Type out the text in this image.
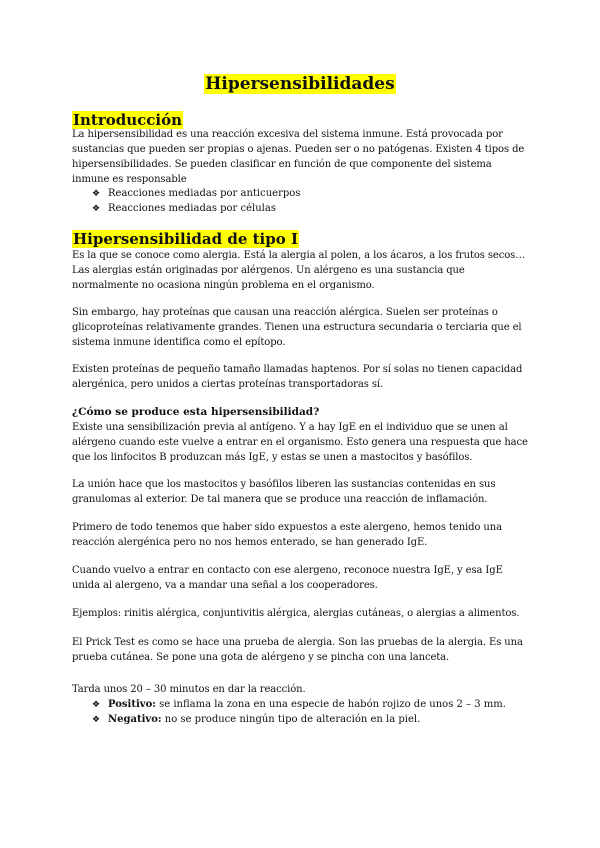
Hipersensibilidades
Introducción
La hipersensibilidad es una reacción excesiva del sistema inmune. Está provocada por sustancias que pueden ser propias o ajenas. Pueden ser o no patógenas. Existen 4 tipos de hipersensibilidades. Se pueden clasificar en función de que componente del sistema inmune es responsable
❖ Reacciones mediadas por anticuerpos
❖ Reacciones mediadas por células
Hipersensibilidad de tipo I
Es la que se conoce como alergia. Está la alergia al polen, a los ácaros, a los frutos secos… Las alergias están originadas por alérgenos. Un alérgeno es una sustancia que normalmente no ocasiona ningún problema en el organismo.
Sin embargo, hay proteínas que causan una reacción alérgica. Suelen ser proteínas o glicoproteínas relativamente grandes. Tienen una estructura secundaria o terciaria que el sistema inmune identifica como el epítopo.
Existen proteínas de pequeño tamaño llamadas haptenos. Por sí solas no tienen capacidad alergénica, pero unidos a ciertas proteínas transportadoras sí.
¿Cómo se produce esta hipersensibilidad?
Existe una sensibilización previa al antígeno. Y a hay IgE en el individuo que se unen al alérgeno cuando este vuelve a entrar en el organismo. Esto genera una respuesta que hace que los linfocitos B produzcan más IgE, y estas se unen a mastocitos y basófilos.
La unión hace que los mastocitos y basófilos liberen las sustancias contenidas en sus granulomas al exterior. De tal manera que se produce una reacción de inflamación.
Primero de todo tenemos que haber sido expuestos a este alergeno, hemos tenido una reacción alergénica pero no nos hemos enterado, se han generado IgE.
Cuando vuelvo a entrar en contacto con ese alergeno, reconoce nuestra IgE, y esa IgE unida al alergeno, va a mandar una señal a los cooperadores.
Ejemplos: rinitis alérgica, conjuntivitis alérgica, alergias cutáneas, o alergias a alimentos.
El Prick Test es como se hace una prueba de alergia. Son las pruebas de la alergia. Es una prueba cutánea. Se pone una gota de alérgeno y se pincha con una lanceta.
Tarda unos 20 – 30 minutos en dar la reacción.
❖ Positivo: se inflama la zona en una especie de habón rojizo de unos 2 – 3 mm.
❖ Negativo: no se produce ningún tipo de alteración en la piel.
